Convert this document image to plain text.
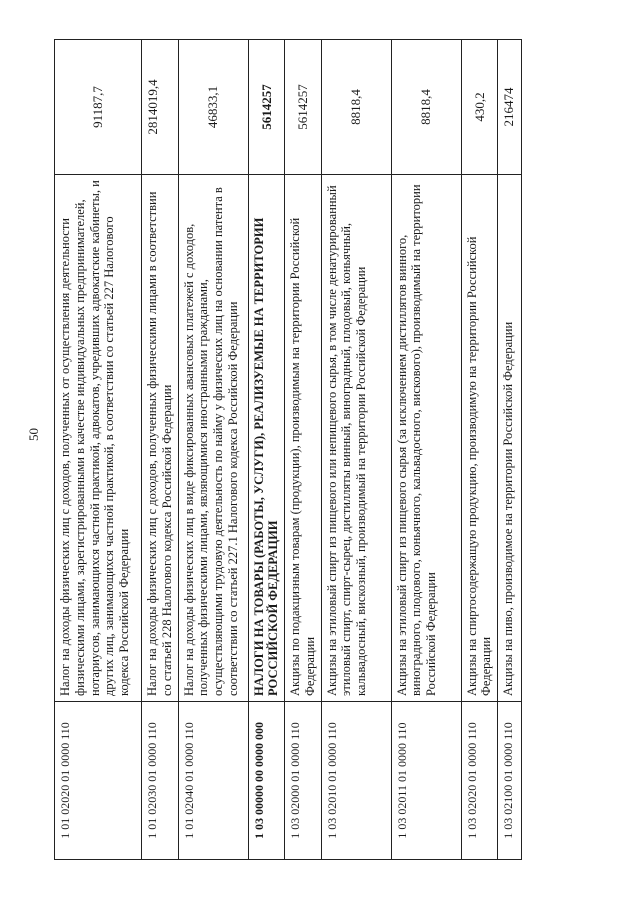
50
1 01 02020 01 0000 110	Налог на доходы физических лиц с доходов, полученных от осуществления деятельности физическими лицами, зарегистрированными в качестве индивидуальных предпринимателей, нотариусов, занимающихся частной практикой, адвокатов, учредивших адвокатские кабинеты, и других лиц, занимающихся частной практикой, в соответствии со статьей 227 Налогового кодекса Российской Федерации	91187,7
1 01 02030 01 0000 110	Налог на доходы физических лиц с доходов, полученных физическими лицами в соответствии со статьей 228 Налогового кодекса Российской Федерации	2814019,4
1 01 02040 01 0000 110	Налог на доходы физических лиц в виде фиксированных авансовых платежей с доходов, полученных физическими лицами, являющимися иностранными гражданами, осуществляющими трудовую деятельность по найму у физических лиц на основании патента в соответствии со статьей 227.1 Налогового кодекса Российской Федерации	46833,1
1 03 00000 00 0000 000	НАЛОГИ НА ТОВАРЫ (РАБОТЫ, УСЛУГИ), РЕАЛИЗУЕМЫЕ НА ТЕРРИТОРИИ РОССИЙСКОЙ ФЕДЕРАЦИИ	5614257
1 03 02000 01 0000 110	Акцизы по подакцизным товарам (продукции), производимым на территории Российской Федерации	5614257
1 03 02010 01 0000 110	Акцизы на этиловый спирт из пищевого или непищевого сырья, в том числе денатурированный этиловый спирт, спирт-сырец, дистилляты винный, виноградный, плодовый, коньячный, кальвадосный, вискозный, производимый на территории Российской Федерации	8818,4
1 03 02011 01 0000 110	Акцизы на этиловый спирт из пищевого сырья (за исключением дистиллятов винного, виноградного, плодового, коньячного, кальвадосного, вискового), производимый на территории Российской Федерации	8818,4
1 03 02020 01 0000 110	Акцизы на спиртосодержащую продукцию, производимую на территории Российской Федерации	430,2
1 03 02100 01 0000 110	Акцизы на пиво, производимое на территории Российской Федерации	216474
